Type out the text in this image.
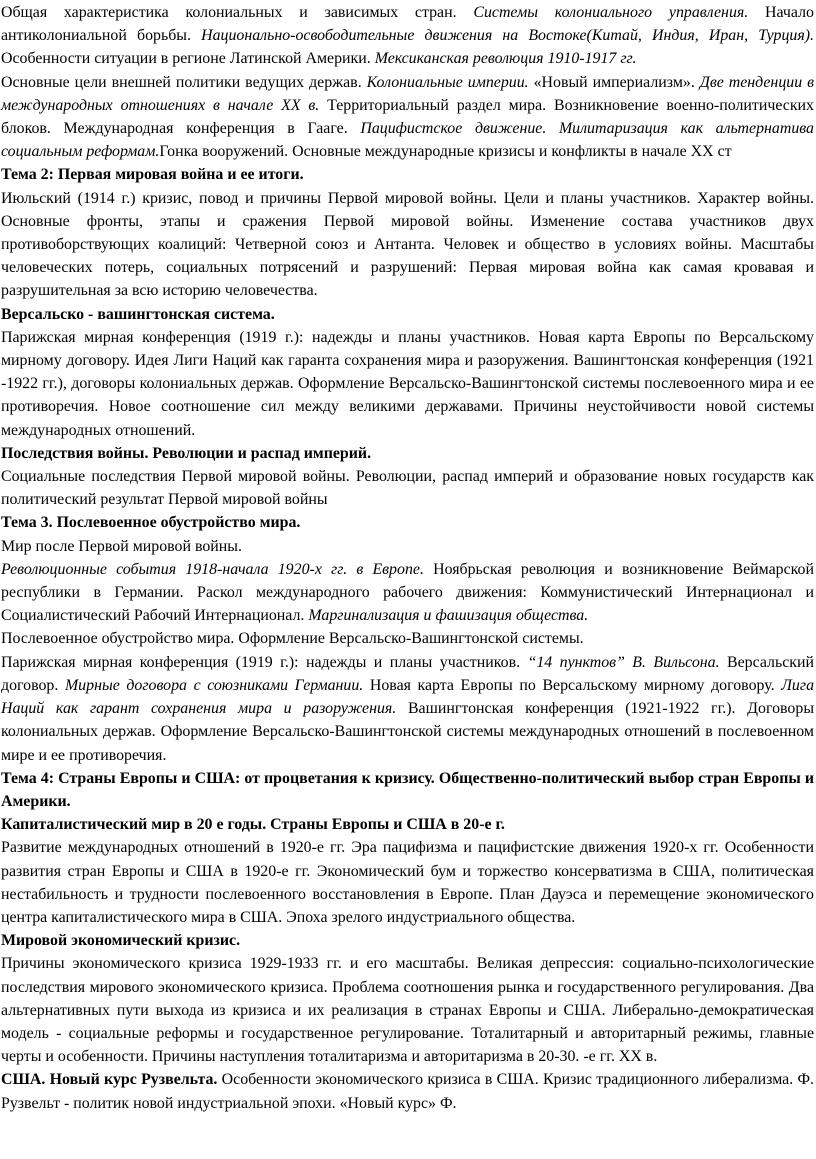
Общая характеристика колониальных и зависимых стран. Системы колониального управления. Начало антиколониальной борьбы. Национально-освободительные движения на Востоке(Китай, Индия, Иран, Турция). Особенности ситуации в регионе Латинской Америки. Мексиканская революция 1910-1917 гг.

Основные цели внешней политики ведущих держав. Колониальные империи. «Новый империализм». Две тенденции в международных отношениях в начале XX в. Территориальный раздел мира. Возникновение военно-политических блоков. Международная конференция в Гааге. Пацифистское движение. Милитаризация как альтернатива социальным реформам.Гонка вооружений. Основные международные кризисы и конфликты в начале XX ст

Тема 2: Первая мировая война и ее итоги.

Июльский (1914 г.) кризис, повод и причины Первой мировой войны. Цели и планы участников. Характер войны. Основные фронты, этапы и сражения Первой мировой войны. Изменение состава участников двух противоборствующих коалиций: Четверной союз и Антанта. Человек и общество в условиях войны. Масштабы человеческих потерь, социальных потрясений и разрушений: Первая мировая война как самая кровавая и разрушительная за всю историю человечества.

Версальско - вашингтонская система.

Парижская мирная конференция (1919 г.): надежды и планы участников. Новая карта Европы по Версальскому мирному договору. Идея Лиги Наций как гаранта сохранения мира и разоружения. Вашингтонская конференция (1921 -1922 гг.), договоры колониальных держав. Оформление Версальско-Вашингтонской системы послевоенного мира и ее противоречия. Новое соотношение сил между великими державами. Причины неустойчивости новой системы международных отношений.

Последствия войны. Революции и распад империй.

Социальные последствия Первой мировой войны. Революции, распад империй и образование новых государств как политический результат Первой мировой войны

Тема 3. Послевоенное обустройство мира.

Мир после Первой мировой войны.

Революционные события 1918-начала 1920-х гг. в Европе. Ноябрьская революция и возникновение Веймарской республики в Германии. Раскол международного рабочего движения: Коммунистический Интернационал и Социалистический Рабочий Интернационал. Маргинализация и фашизация общества.

Послевоенное обустройство мира. Оформление Версальско-Вашингтонской системы.

Парижская мирная конференция (1919 г.): надежды и планы участников. “14 пунктов” В. Вильсона. Версальский договор. Мирные договора с союзниками Германии. Новая карта Европы по Версальскому мирному договору. Лига Наций как гарант сохранения мира и разоружения. Вашингтонская конференция (1921-1922 гг.). Договоры колониальных держав. Оформление Версальско-Вашингтонской системы международных отношений в послевоенном мире и ее противоречия.

Тема 4: Страны Европы и США: от процветания к кризису. Общественно-политический выбор стран Европы и Америки.

Капиталистический мир в 20 е годы. Страны Европы и США в 20-е г.

Развитие международных отношений в 1920-е гг. Эра пацифизма и пацифистские движения 1920-х гг. Особенности развития стран Европы и США в 1920-е гг. Экономический бум и торжество консерватизма в США, политическая нестабильность и трудности послевоенного восстановления в Европе. План Дауэса и перемещение экономического центра капиталистического мира в США. Эпоха зрелого индустриального общества.

Мировой экономический кризис.

Причины экономического кризиса 1929-1933 гг. и его масштабы. Великая депрессия: социально-психологические последствия мирового экономического кризиса. Проблема соотношения рынка и государственного регулирования. Два альтернативных пути выхода из кризиса и их реализация в странах Европы и США. Либерально-демократическая модель - социальные реформы и государственное регулирование. Тоталитарный и авторитарный режимы, главные черты и особенности. Причины наступления тоталитаризма и авторитаризма в 20-30. -е гг. XX в.

США. Новый курс Рузвельта. Особенности экономического кризиса в США. Кризис традиционного либерализма. Ф. Рузвельт - политик новой индустриальной эпохи. «Новый курс» Ф.
